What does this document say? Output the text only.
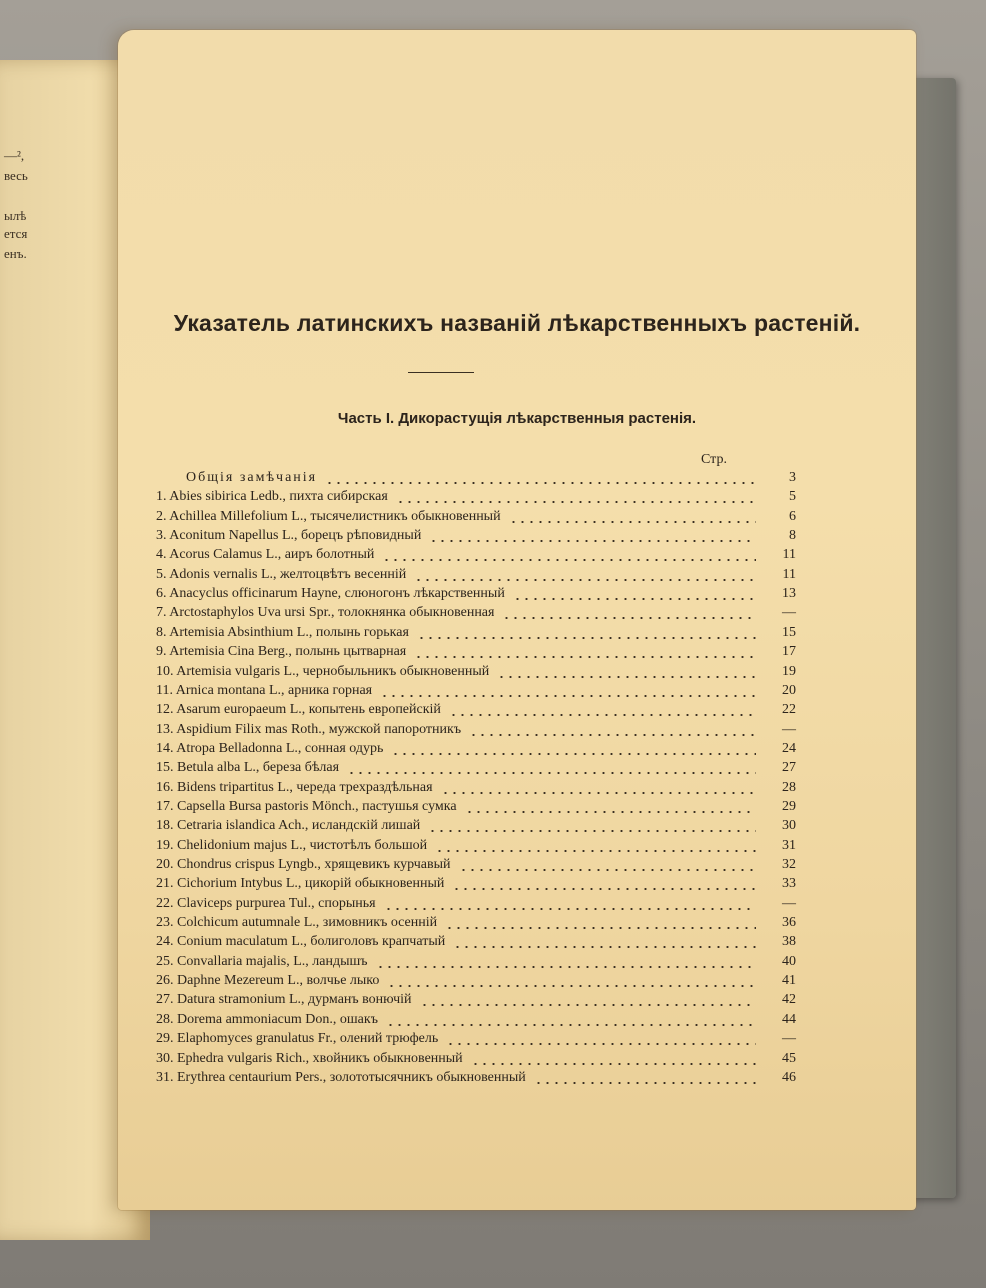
—²,
весь
ылѣ
ется
енъ.
Указатель латинскихъ названій лѣкарственныхъ растеній.
Часть I. Дикорастущія лѣкарственныя растенія.
Стр.
Общія замѣчанія	3
1. Abies sibirica Ledb., пихта сибирская	5
2. Achillea Millefolium L., тысячелистникъ обыкновенный	6
3. Aconitum Napellus L., борецъ рѣповидный	8
4. Acorus Calamus L., аиръ болотный	11
5. Adonis vernalis L., желтоцвѣтъ весенній	11
6. Anacyclus officinarum Hayne, слюногонъ лѣкарственный	13
7. Arctostaphylos Uva ursi Spr., толокнянка обыкновенная	—
8. Artemisia Absinthium L., полынь горькая	15
9. Artemisia Cina Berg., полынь цытварная	17
10. Artemisia vulgaris L., чернобыльникъ обыкновенный	19
11. Arnica montana L., арника горная	20
12. Asarum europaeum L., копытень европейскій	22
13. Aspidium Filix mas Roth., мужской папоротникъ	—
14. Atropa Belladonna L., сонная одурь	24
15. Betula alba L., береза бѣлая	27
16. Bidens tripartitus L., череда трехраздѣльная	28
17. Capsella Bursa pastoris Mönch., пастушья сумка	29
18. Cetraria islandica Ach., исландскій лишай	30
19. Chelidonium majus L., чистотѣлъ большой	31
20. Chondrus crispus Lyngb., хрящевикъ курчавый	32
21. Cichorium Intybus L., цикорій обыкновенный	33
22. Claviceps purpurea Tul., спорынья	—
23. Colchicum autumnale L., зимовникъ осенній	36
24. Conium maculatum L., болиголовъ крапчатый	38
25. Convallaria majalis, L., ландышъ	40
26. Daphne Mezereum L., волчье лыко	41
27. Datura stramonium L., дурманъ вонючій	42
28. Dorema ammoniacum Don., ошакъ	44
29. Elaphomyces granulatus Fr., олений трюфель	—
30. Ephedra vulgaris Rich., хвойникъ обыкновенный	45
31. Erythrea centaurium Pers., золототысячникъ обыкновенный	46
